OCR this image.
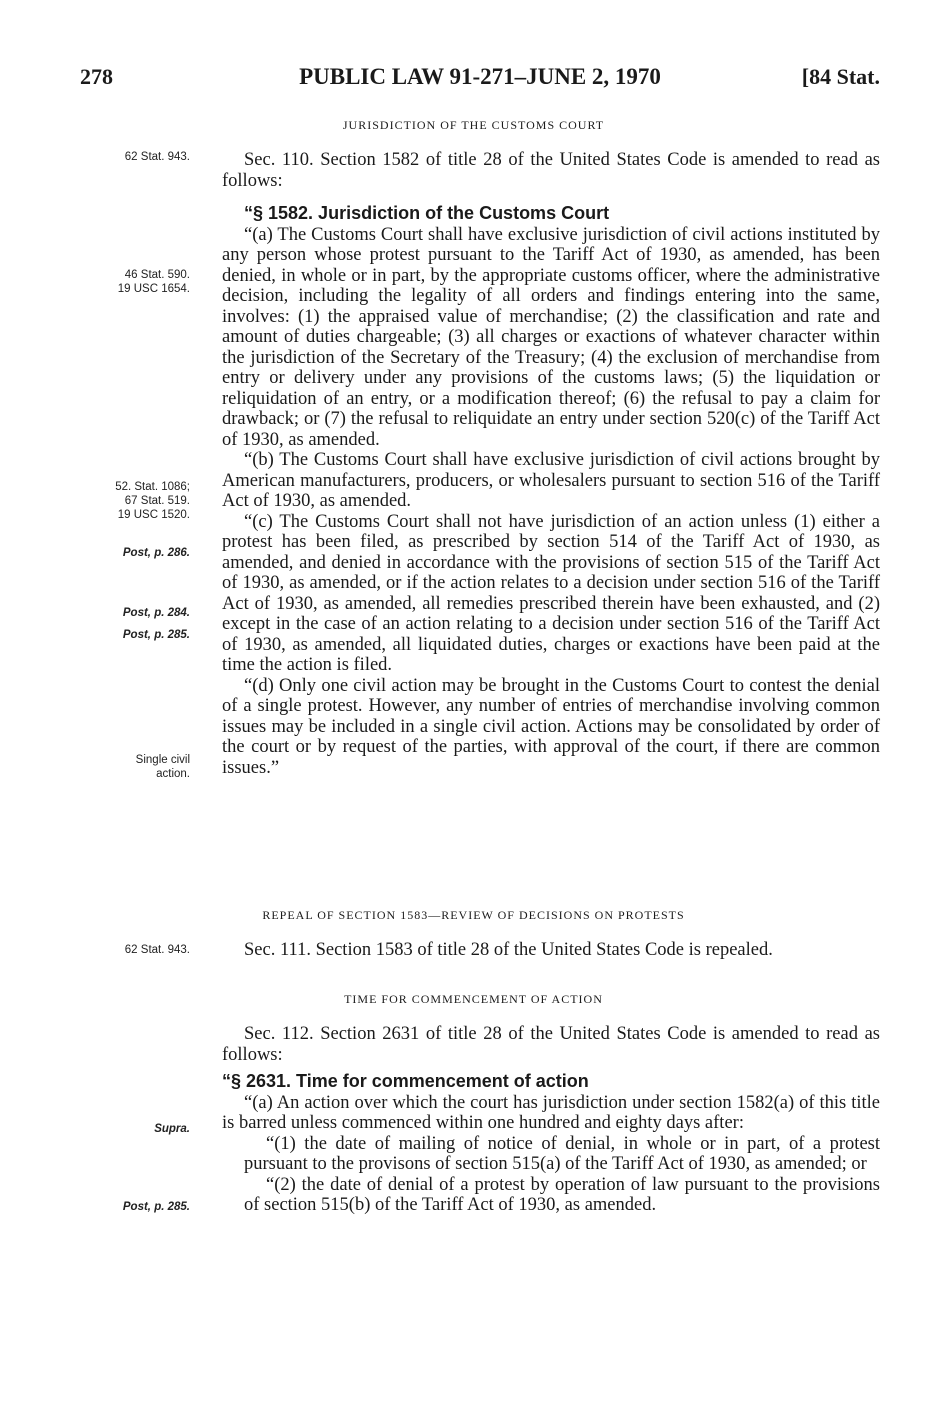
278	PUBLIC LAW 91-271–JUNE 2, 1970	[84 Stat.
JURISDICTION OF THE CUSTOMS COURT
62 Stat. 943.
46 Stat. 590.
19 USC 1654.
52. Stat. 1086;
67 Stat. 519.
19 USC 1520.
Post, p. 286.
Post, p. 284.
Post, p. 285.
Single civil
action.
62 Stat. 943.
Supra.
Post, p. 285.

Sec. 110. Section 1582 of title 28 of the United States Code is amended to read as follows:

“§ 1582. Jurisdiction of the Customs Court

“(a) The Customs Court shall have exclusive jurisdiction of civil actions instituted by any person whose protest pursuant to the Tariff Act of 1930, as amended, has been denied, in whole or in part, by the appropriate customs officer, where the administrative decision, including the legality of all orders and findings entering into the same, involves: (1) the appraised value of merchandise; (2) the classification and rate and amount of duties chargeable; (3) all charges or exactions of whatever character within the jurisdiction of the Secretary of the Treasury; (4) the exclusion of merchandise from entry or delivery under any provisions of the customs laws; (5) the liquidation or reliquidation of an entry, or a modification thereof; (6) the refusal to pay a claim for drawback; or (7) the refusal to reliquidate an entry under section 520(c) of the Tariff Act of 1930, as amended.

“(b) The Customs Court shall have exclusive jurisdiction of civil actions brought by American manufacturers, producers, or wholesalers pursuant to section 516 of the Tariff Act of 1930, as amended.

“(c) The Customs Court shall not have jurisdiction of an action unless (1) either a protest has been filed, as prescribed by section 514 of the Tariff Act of 1930, as amended, and denied in accordance with the provisions of section 515 of the Tariff Act of 1930, as amended, or if the action relates to a decision under section 516 of the Tariff Act of 1930, as amended, all remedies prescribed therein have been exhausted, and (2) except in the case of an action relating to a decision under section 516 of the Tariff Act of 1930, as amended, all liquidated duties, charges or exactions have been paid at the time the action is filed.

“(d) Only one civil action may be brought in the Customs Court to contest the denial of a single protest. However, any number of entries of merchandise involving common issues may be included in a single civil action. Actions may be consolidated by order of the court or by request of the parties, with approval of the court, if there are common issues.”

REPEAL OF SECTION 1583—REVIEW OF DECISIONS ON PROTESTS

Sec. 111. Section 1583 of title 28 of the United States Code is repealed.

TIME FOR COMMENCEMENT OF ACTION

Sec. 112. Section 2631 of title 28 of the United States Code is amended to read as follows:

“§ 2631. Time for commencement of action

“(a) An action over which the court has jurisdiction under section 1582(a) of this title is barred unless commenced within one hundred and eighty days after:

“(1) the date of mailing of notice of denial, in whole or in part, of a protest pursuant to the provisons of section 515(a) of the Tariff Act of 1930, as amended; or

“(2) the date of denial of a protest by operation of law pursuant to the provisions of section 515(b) of the Tariff Act of 1930, as amended.
